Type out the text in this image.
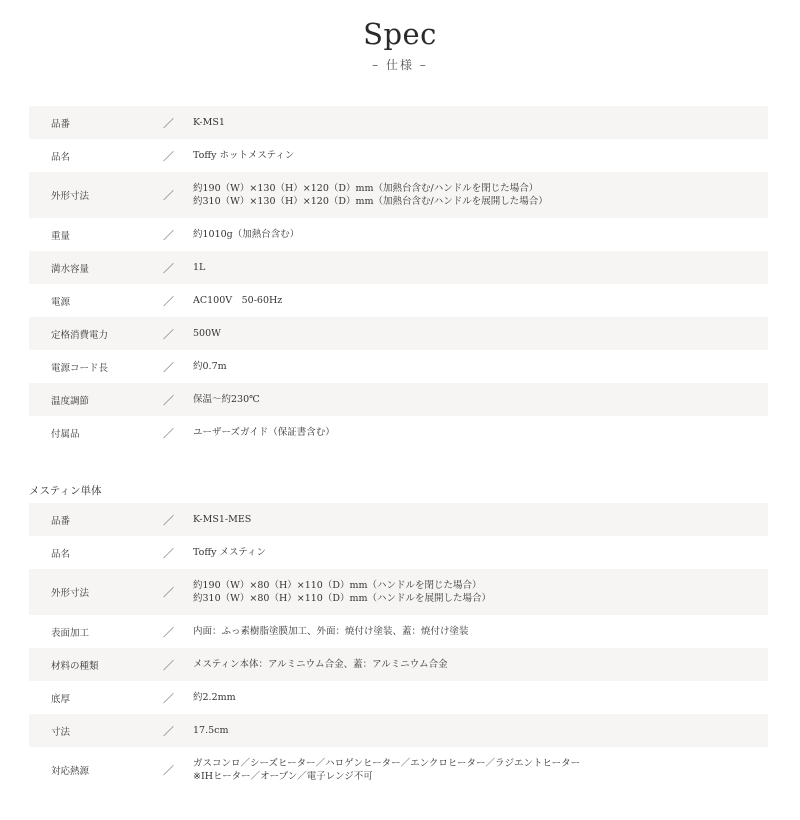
Spec
– 仕様 –
品番	／	K-MS1

品名	／	Toffy ホットメスティン

外形寸法	／	約190（W）×130（H）×120（D）mm（加熱台含む/ハンドルを閉じた場合）
約310（W）×130（H）×120（D）mm（加熱台含む/ハンドルを展開した場合）

重量	／	約1010g（加熱台含む）

満水容量	／	1L

電源	／	AC100V　50-60Hz

定格消費電力	／	500W

電源コード長	／	約0.7m

温度調節	／	保温～約230℃

付属品	／	ユーザーズガイド（保証書含む）
メスティン単体
品番	／	K-MS1-MES

品名	／	Toffy メスティン

外形寸法	／	約190（W）×80（H）×110（D）mm（ハンドルを閉じた場合）
約310（W）×80（H）×110（D）mm（ハンドルを展開した場合）

表面加工	／	内面：ふっ素樹脂塗膜加工、外面：焼付け塗装、蓋：焼付け塗装

材料の種類	／	メスティン本体：アルミニウム合金、蓋：アルミニウム合金

底厚	／	約2.2mm

寸法	／	17.5cm

対応熱源	／	ガスコンロ／シーズヒーター／ハロゲンヒーター／エンクロヒーター／ラジエントヒーター
※IHヒーター／オーブン／電子レンジ不可
